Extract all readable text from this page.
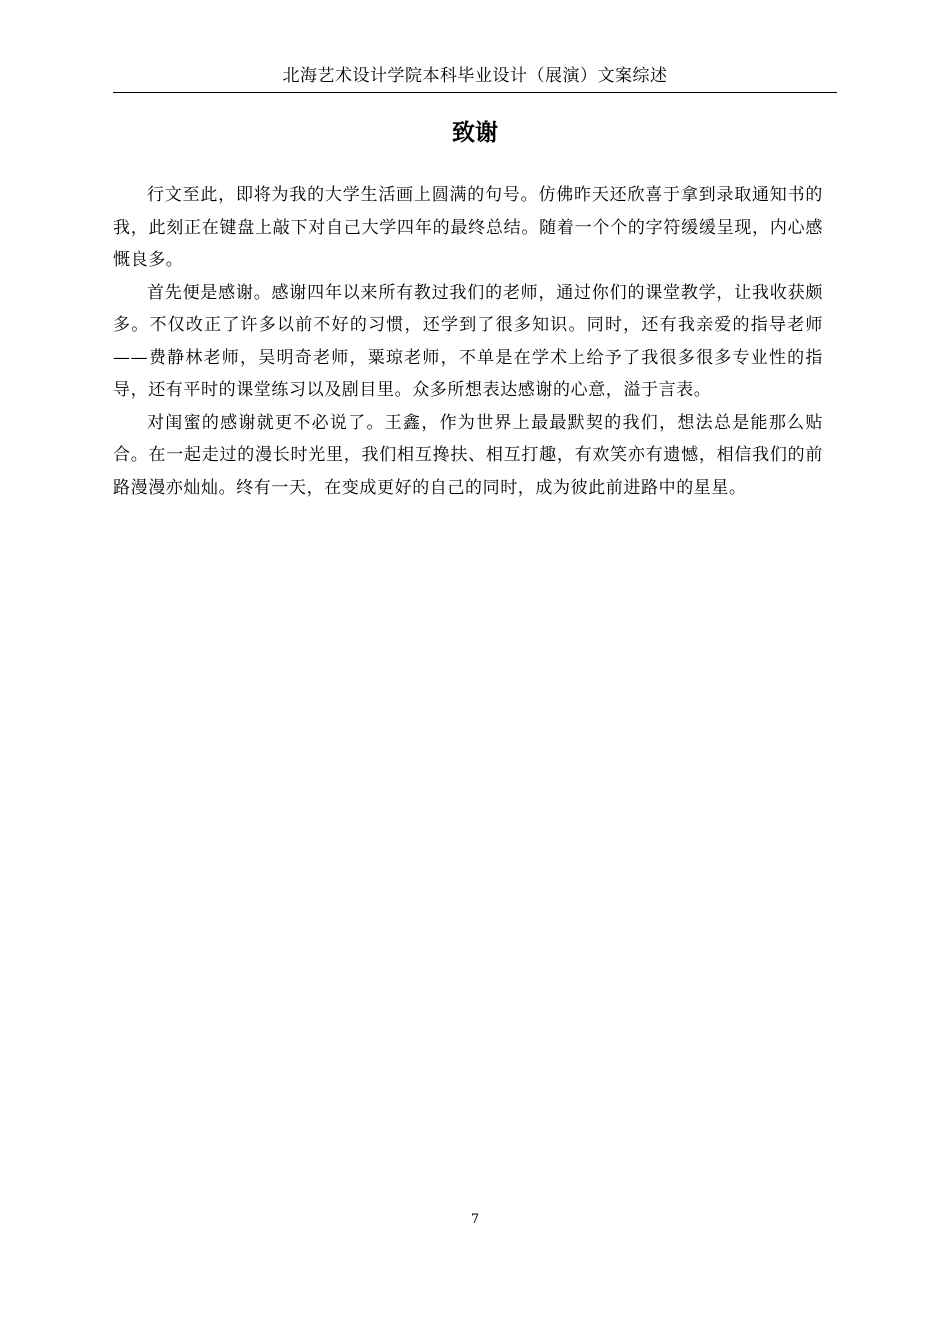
北海艺术设计学院本科毕业设计（展演）文案综述
致谢

行文至此，即将为我的大学生活画上圆满的句号。仿佛昨天还欣喜于拿到录取通知书的我，此刻正在键盘上敲下对自己大学四年的最终总结。随着一个个的字符缓缓呈现，内心感慨良多。

首先便是感谢。感谢四年以来所有教过我们的老师，通过你们的课堂教学，让我收获颇多。不仅改正了许多以前不好的习惯，还学到了很多知识。同时，还有我亲爱的指导老师——费静林老师，吴明奇老师，粟琼老师，不单是在学术上给予了我很多很多专业性的指导，还有平时的课堂练习以及剧目里。众多所想表达感谢的心意，溢于言表。

对闺蜜的感谢就更不必说了。王鑫，作为世界上最最默契的我们，想法总是能那么贴合。在一起走过的漫长时光里，我们相互搀扶、相互打趣，有欢笑亦有遗憾，相信我们的前路漫漫亦灿灿。终有一天，在变成更好的自己的同时，成为彼此前进路中的星星。

7
